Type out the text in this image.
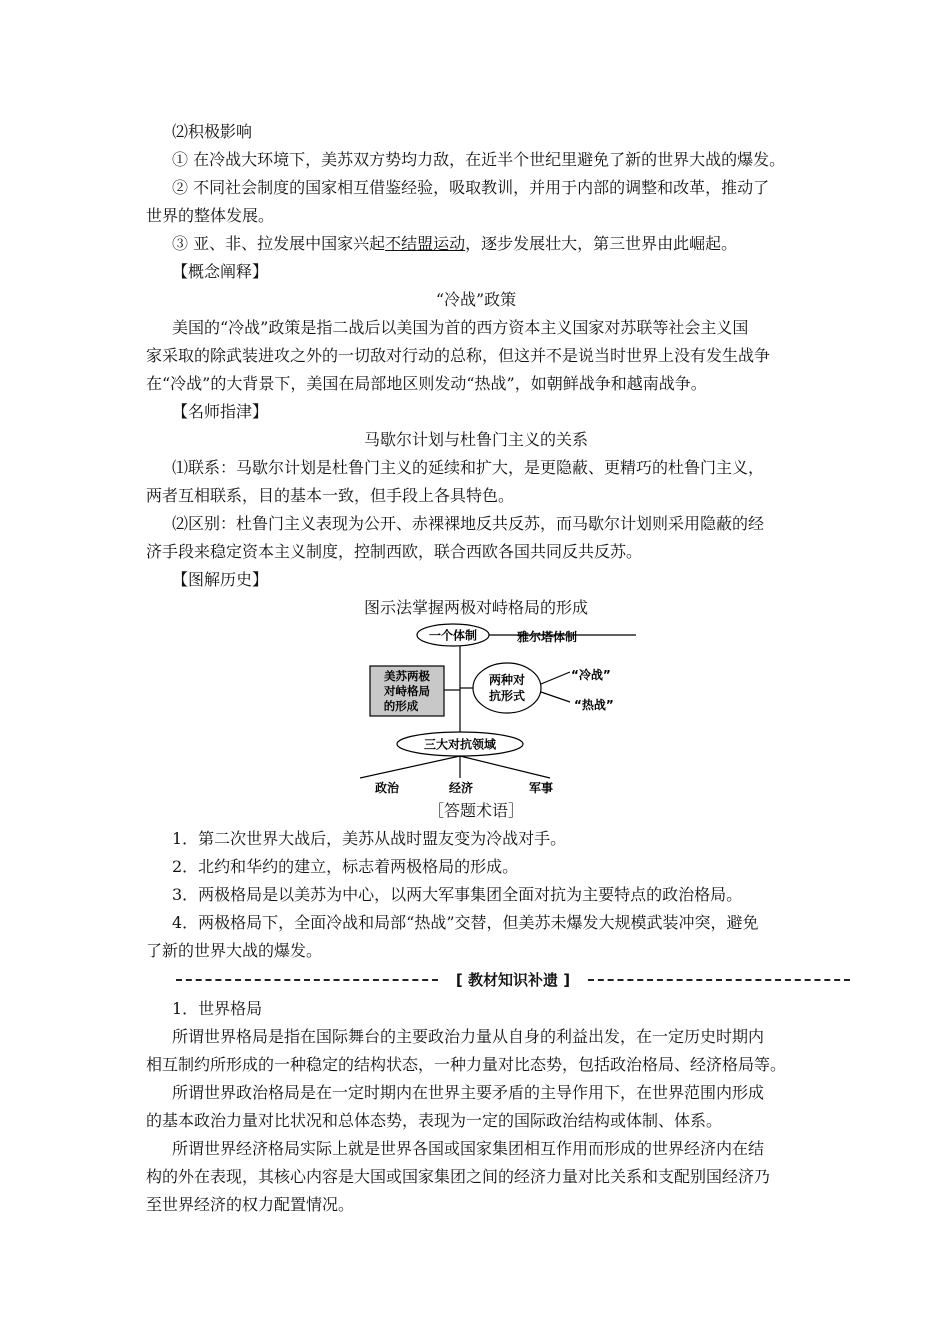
⑵积极影响
① 在冷战大环境下，美苏双方势均力敌，在近半个世纪里避免了新的世界大战的爆发。
② 不同社会制度的国家相互借鉴经验，吸取教训，并用于内部的调整和改革，推动了
世界的整体发展。
③ 亚、非、拉发展中国家兴起不结盟运动，逐步发展壮大，第三世界由此崛起。
【概念阐释】
“冷战”政策
美国的“冷战”政策是指二战后以美国为首的西方资本主义国家对苏联等社会主义国
家采取的除武装进攻之外的一切敌对行动的总称，但这并不是说当时世界上没有发生战争
在“冷战”的大背景下，美国在局部地区则发动“热战”，如朝鲜战争和越南战争。
【名师指津】
马歇尔计划与杜鲁门主义的关系
⑴联系：马歇尔计划是杜鲁门主义的延续和扩大，是更隐蔽、更精巧的杜鲁门主义，
两者互相联系，目的基本一致，但手段上各具特色。
⑵区别：杜鲁门主义表现为公开、赤裸裸地反共反苏，而马歇尔计划则采用隐蔽的经
济手段来稳定资本主义制度，控制西欧，联合西欧各国共同反共反苏。
【图解历史】
图示法掌握两极对峙格局的形成
一个体制	雅尔塔体制
美苏两极
对峙格局
的形成
两种对
抗形式
“冷战”
“热战”
三大对抗领域
政治	经济	军事
［答题术语］
1．第二次世界大战后，美苏从战时盟友变为冷战对手。
2．北约和华约的建立，标志着两极格局的形成。
3．两极格局是以美苏为中心，以两大军事集团全面对抗为主要特点的政治格局。
4．两极格局下，全面冷战和局部“热战”交替，但美苏未爆发大规模武装冲突，避免
了新的世界大战的爆发。
[ 教材知识补遗 ]
1．世界格局
所谓世界格局是指在国际舞台的主要政治力量从自身的利益出发，在一定历史时期内
相互制约所形成的一种稳定的结构状态，一种力量对比态势，包括政治格局、经济格局等。
所谓世界政治格局是在一定时期内在世界主要矛盾的主导作用下，在世界范围内形成
的基本政治力量对比状况和总体态势，表现为一定的国际政治结构或体制、体系。
所谓世界经济格局实际上就是世界各国或国家集团相互作用而形成的世界经济内在结
构的外在表现，其核心内容是大国或国家集团之间的经济力量对比关系和支配别国经济乃
至世界经济的权力配置情况。
